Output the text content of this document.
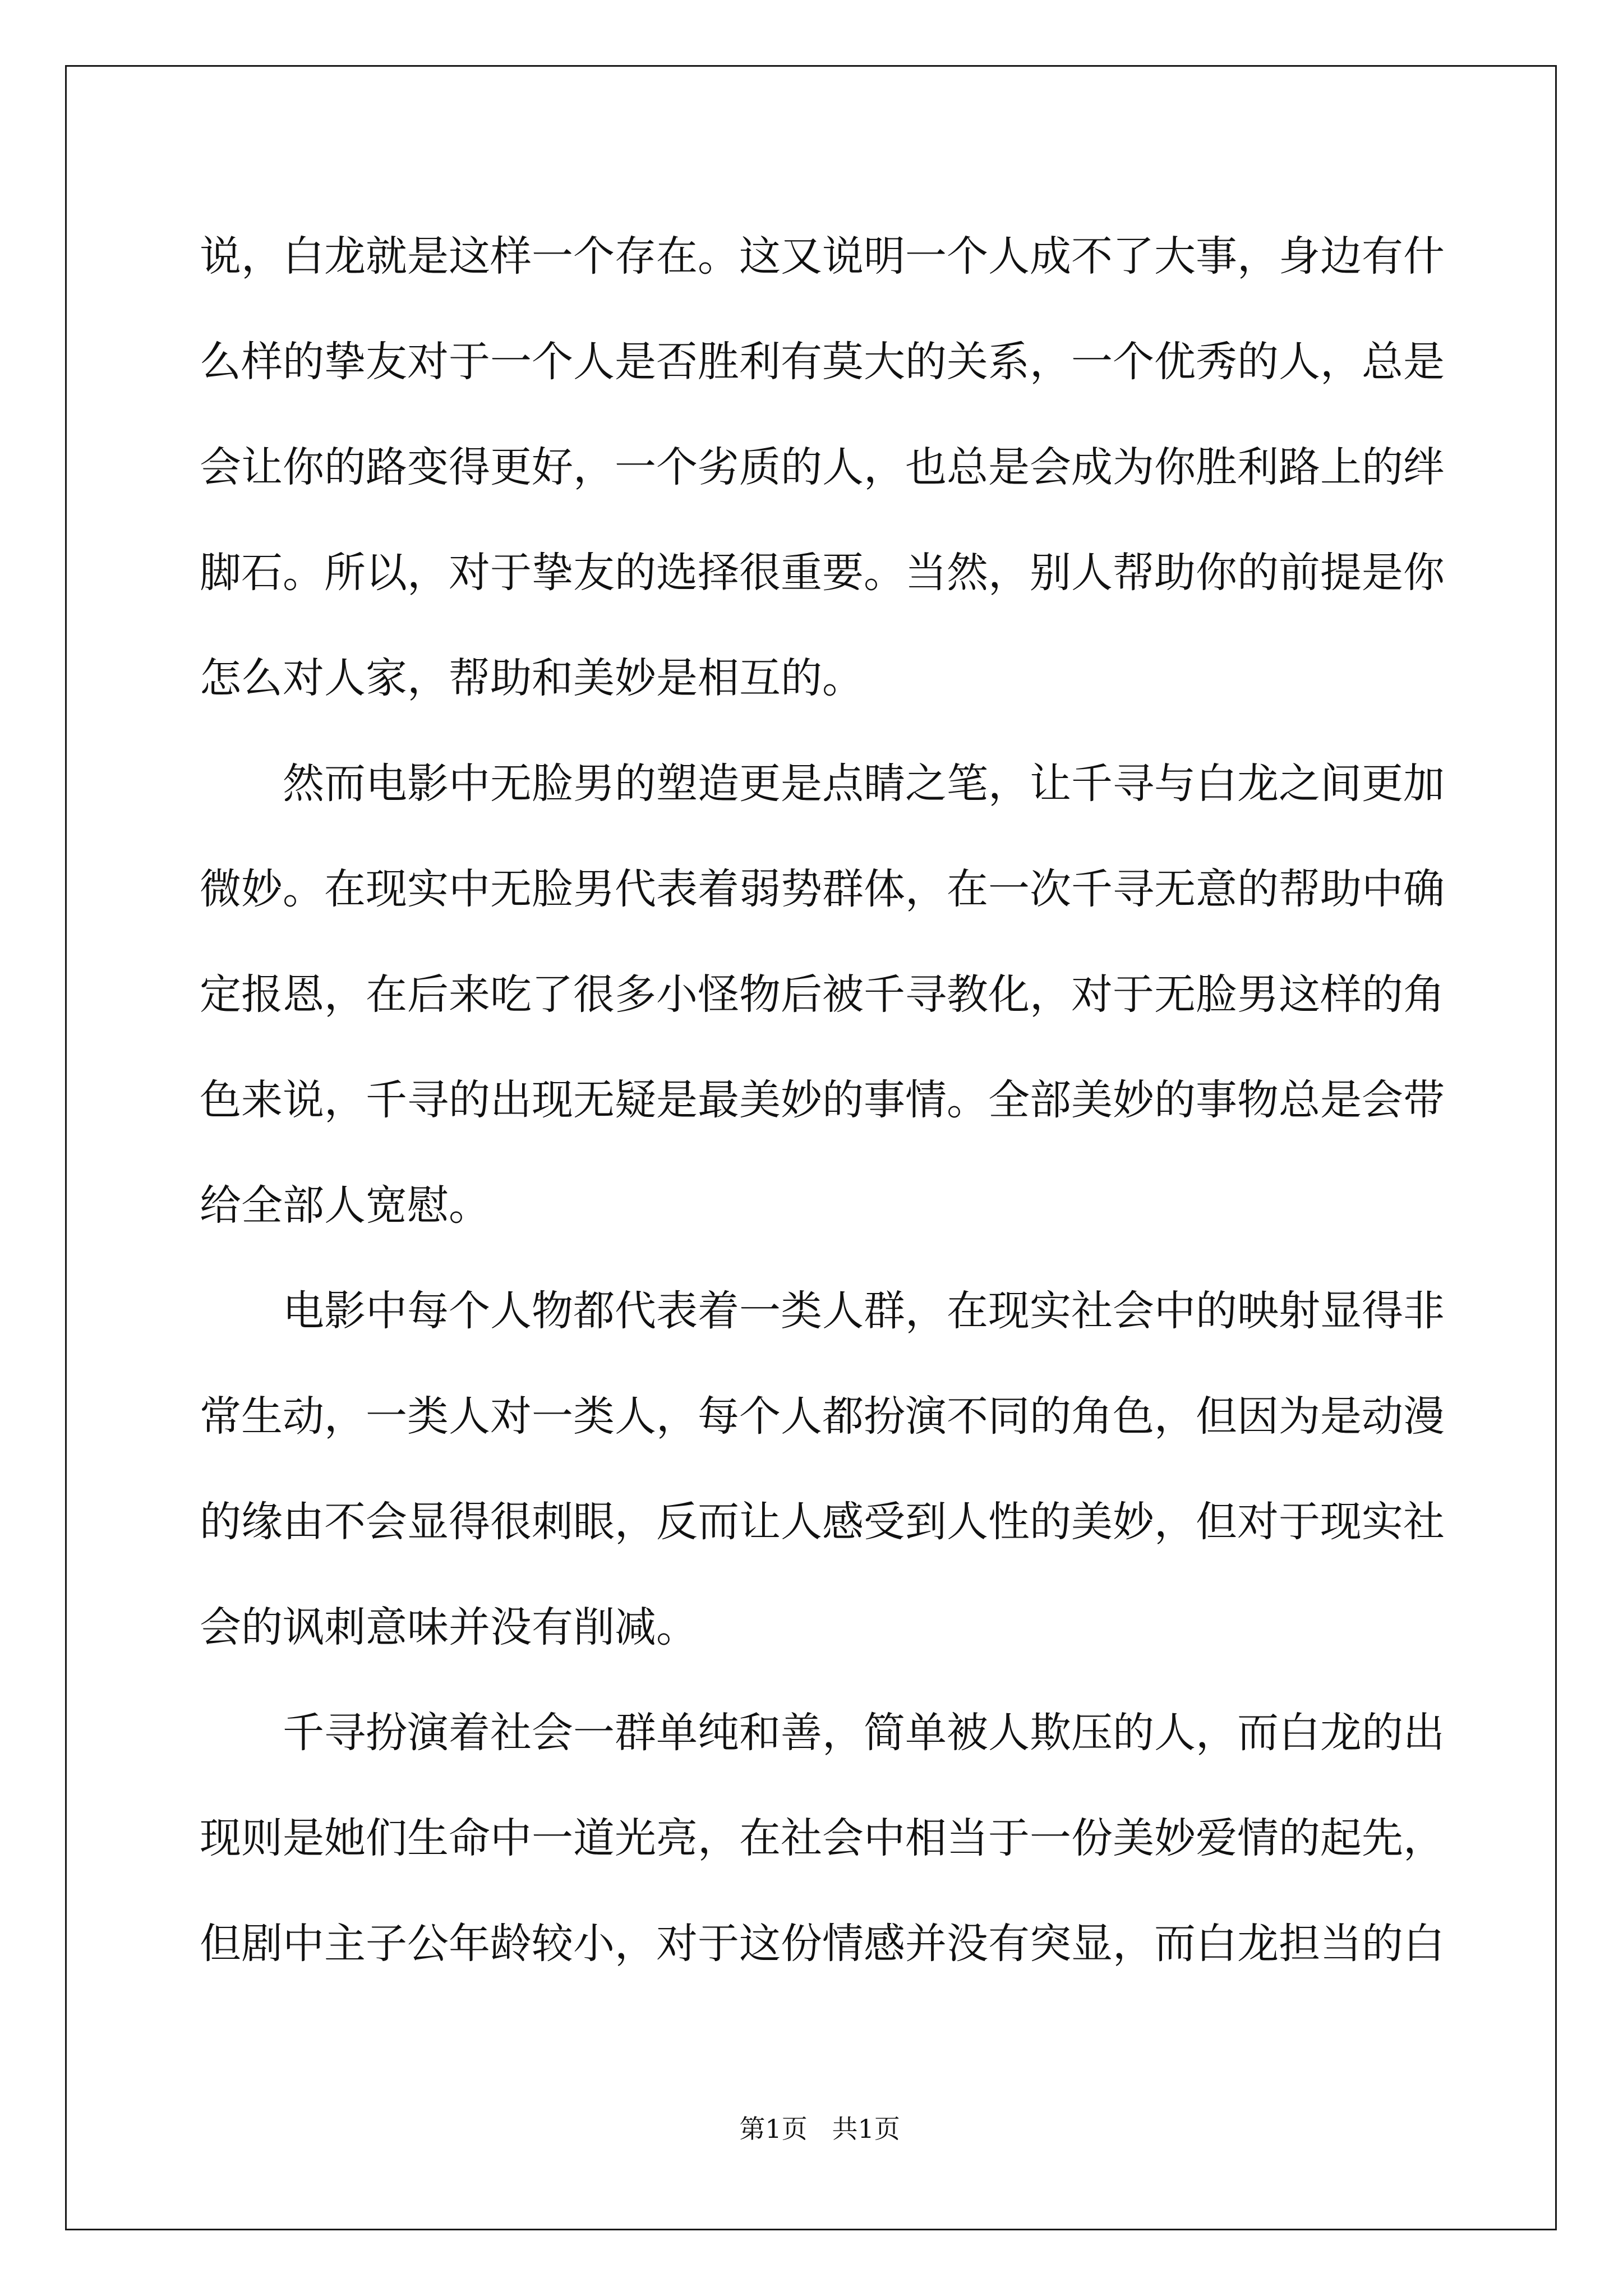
说，白龙就是这样一个存在。这又说明一个人成不了大事，身边有什
么样的挚友对于一个人是否胜利有莫大的关系，一个优秀的人，总是
会让你的路变得更好，一个劣质的人，也总是会成为你胜利路上的绊
脚石。所以，对于挚友的选择很重要。当然，别人帮助你的前提是你
怎么对人家，帮助和美妙是相互的。
然而电影中无脸男的塑造更是点睛之笔，让千寻与白龙之间更加
微妙。在现实中无脸男代表着弱势群体，在一次千寻无意的帮助中确
定报恩，在后来吃了很多小怪物后被千寻教化，对于无脸男这样的角
色来说，千寻的出现无疑是最美妙的事情。全部美妙的事物总是会带
给全部人宽慰。
电影中每个人物都代表着一类人群，在现实社会中的映射显得非
常生动，一类人对一类人，每个人都扮演不同的角色，但因为是动漫
的缘由不会显得很刺眼，反而让人感受到人性的美妙，但对于现实社
会的讽刺意味并没有削减。
千寻扮演着社会一群单纯和善，简单被人欺压的人，而白龙的出
现则是她们生命中一道光亮，在社会中相当于一份美妙爱情的起先，
但剧中主子公年龄较小，对于这份情感并没有突显，而白龙担当的白

第1页   共1页
